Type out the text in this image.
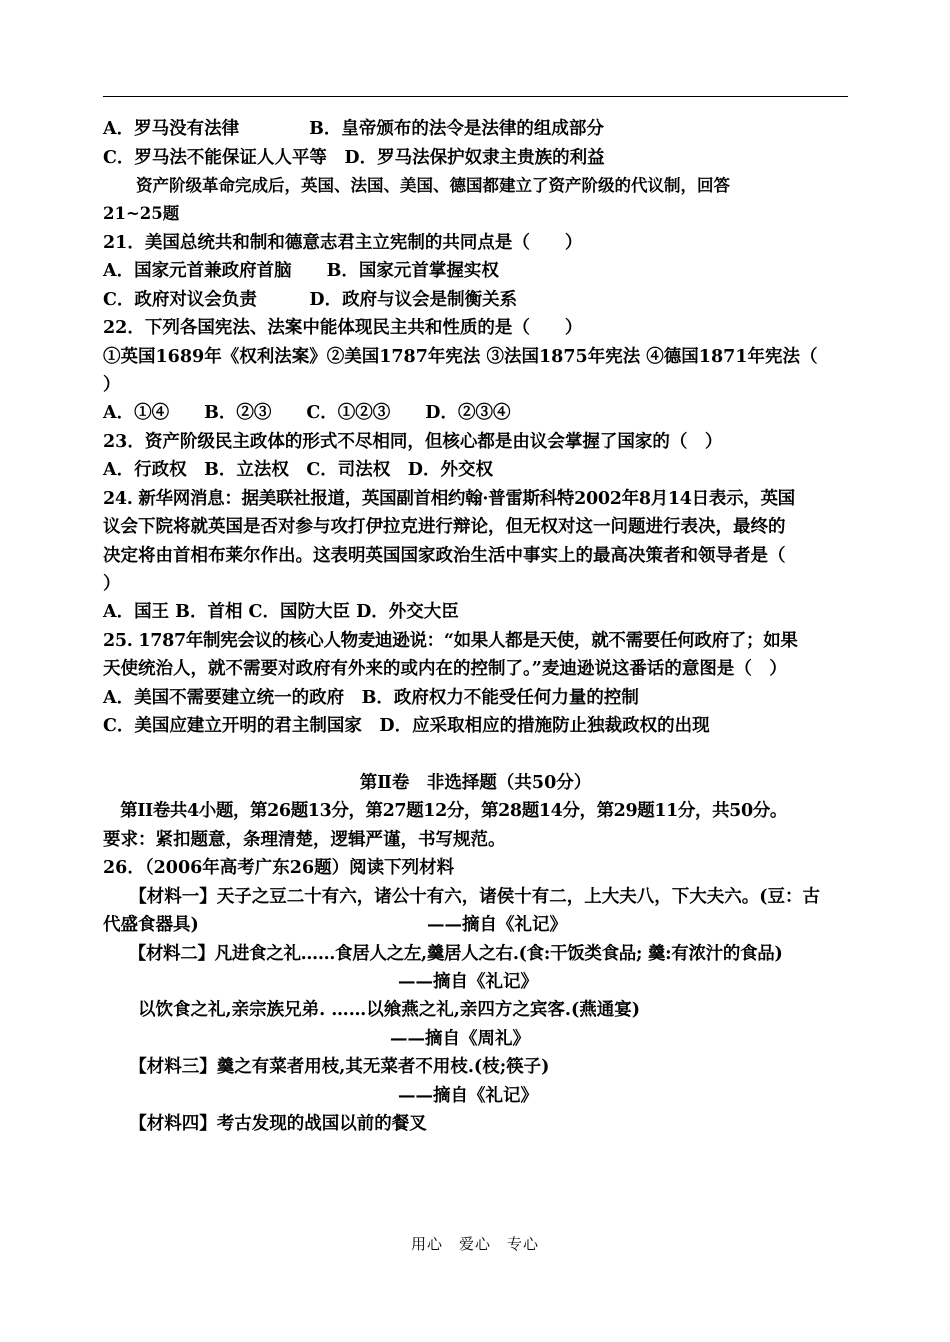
A．罗马没有法律　　　　B．皇帝颁布的法令是法律的组成部分
C．罗马法不能保证人人平等　D．罗马法保护奴隶主贵族的利益
　　资产阶级革命完成后，英国、法国、美国、德国都建立了资产阶级的代议制，回答
21~25题
21．美国总统共和制和德意志君主立宪制的共同点是（　　）
A．国家元首兼政府首脑　　B．国家元首掌握实权
C．政府对议会负责　　　D．政府与议会是制衡关系
22．下列各国宪法、法案中能体现民主共和性质的是（　　）
①英国1689年《权利法案》②美国1787年宪法 ③法国1875年宪法 ④德国1871年宪法（
）
A．①④　　B．②③　　C．①②③　　D．②③④
23．资产阶级民主政体的形式不尽相同，但核心都是由议会掌握了国家的（　）
A．行政权　B．立法权　C．司法权　D．外交权
24. 新华网消息：据美联社报道，英国副首相约翰·普雷斯科特2002年8月14日表示，英国
议会下院将就英国是否对参与攻打伊拉克进行辩论，但无权对这一问题进行表决，最终的
决定将由首相布莱尔作出。这表明英国国家政治生活中事实上的最高决策者和领导者是（
）
A．国王 B．首相 C．国防大臣 D．外交大臣
25. 1787年制宪会议的核心人物麦迪逊说：“如果人都是天使，就不需要任何政府了；如果
天使统治人，就不需要对政府有外来的或内在的控制了。”麦迪逊说这番话的意图是（　）
A．美国不需要建立统一的政府　B．政府权力不能受任何力量的控制
C．美国应建立开明的君主制国家　D．应采取相应的措施防止独裁政权的出现
第Ⅱ卷　非选择题（共50分）
　第II卷共4小题，第26题13分，第27题12分，第28题14分，第29题11分，共50分。
要求：紧扣题意，条理清楚，逻辑严谨，书写规范。
26．（2006年高考广东26题）阅读下列材料
　　【材料一】天子之豆二十有六，诸公十有六，诸侯十有二，上大夫八，下大夫六。(豆：古
代盛食器具)	——摘自《礼记》
　　【材料二】凡进食之礼……食居人之左,羹居人之右.(食:干饭类食品; 羹:有浓汁的食品)
——摘自《礼记》
　　以饮食之礼,亲宗族兄弟. ……以飨燕之礼,亲四方之宾客.(燕通宴)
——摘自《周礼》
　　【材料三】羹之有菜者用枝,其无菜者不用枝.(枝;筷子)
——摘自《礼记》
　　【材料四】考古发现的战国以前的餐叉
用心　爱心　专心
